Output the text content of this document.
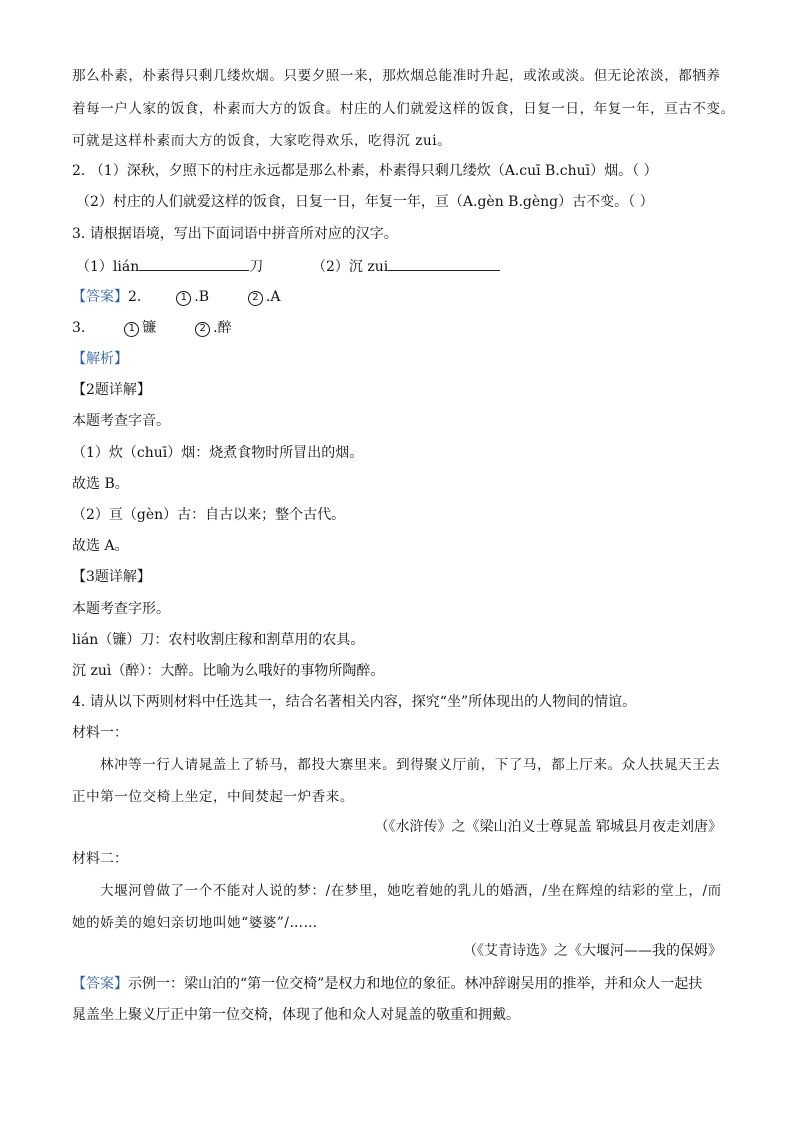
那么朴素，朴素得只剩几缕炊烟。只要夕照一来，那炊烟总能准时升起，或浓或淡。但无论浓淡，都牺养
着每一户人家的饭食，朴素而大方的饭食。村庄的人们就爱这样的饭食，日复一日，年复一年，亘古不变。
可就是这样朴素而大方的饭食，大家吃得欢乐，吃得沉 zui。
2. （1）深秋，夕照下的村庄永远都是那么朴素，朴素得只剩几缕炊（A.cuī B.chuī）烟。（ ）
（2）村庄的人们就爱这样的饭食，日复一日，年复一年，亘（A.gèn B.gèng）古不变。（ ）
3. 请根据语境，写出下面词语中拼音所对应的汉字。
（1）lián	刀	（2）沉 zui
【答案】2.	1 .B	2 .A
3.	1 镰	2 .醉
【解析】
【2题详解】
本题考查字音。
（1）炊（chuī）烟：烧煮食物时所冒出的烟。
故选 B。
（2）亘（gèn）古：自古以来；整个古代。
故选 A。
【3题详解】
本题考查字形。
lián（镰）刀：农村收割庄稼和割草用的农具。
沉 zuì（醉）：大醉。比喻为么哦好的事物所陶醉。
4. 请从以下两则材料中任选其一，结合名著相关内容，探究“坐”所体现出的人物间的情谊。
材料一：
林冲等一行人请晁盖上了轿马，都投大寨里来。到得聚义厅前，下了马，都上厅来。众人扶晁天王去
正中第一位交椅上坐定，中间焚起一炉香来。
（《水浒传》之《梁山泊义士尊晁盖 郓城县月夜走刘唐》
材料二：
大堰河曾做了一个不能对人说的梦：/在梦里，她吃着她的乳儿的婚酒，/坐在辉煌的结彩的堂上，/而
她的娇美的媳妇亲切地叫她“婆婆”/……
（《艾青诗选》之《大堰河——我的保姆》
【答案】示例一：梁山泊的“第一位交椅”是权力和地位的象征。林冲辞谢吴用的推举，并和众人一起扶
晁盖坐上聚义厅正中第一位交椅，体现了他和众人对晁盖的敬重和拥戴。
